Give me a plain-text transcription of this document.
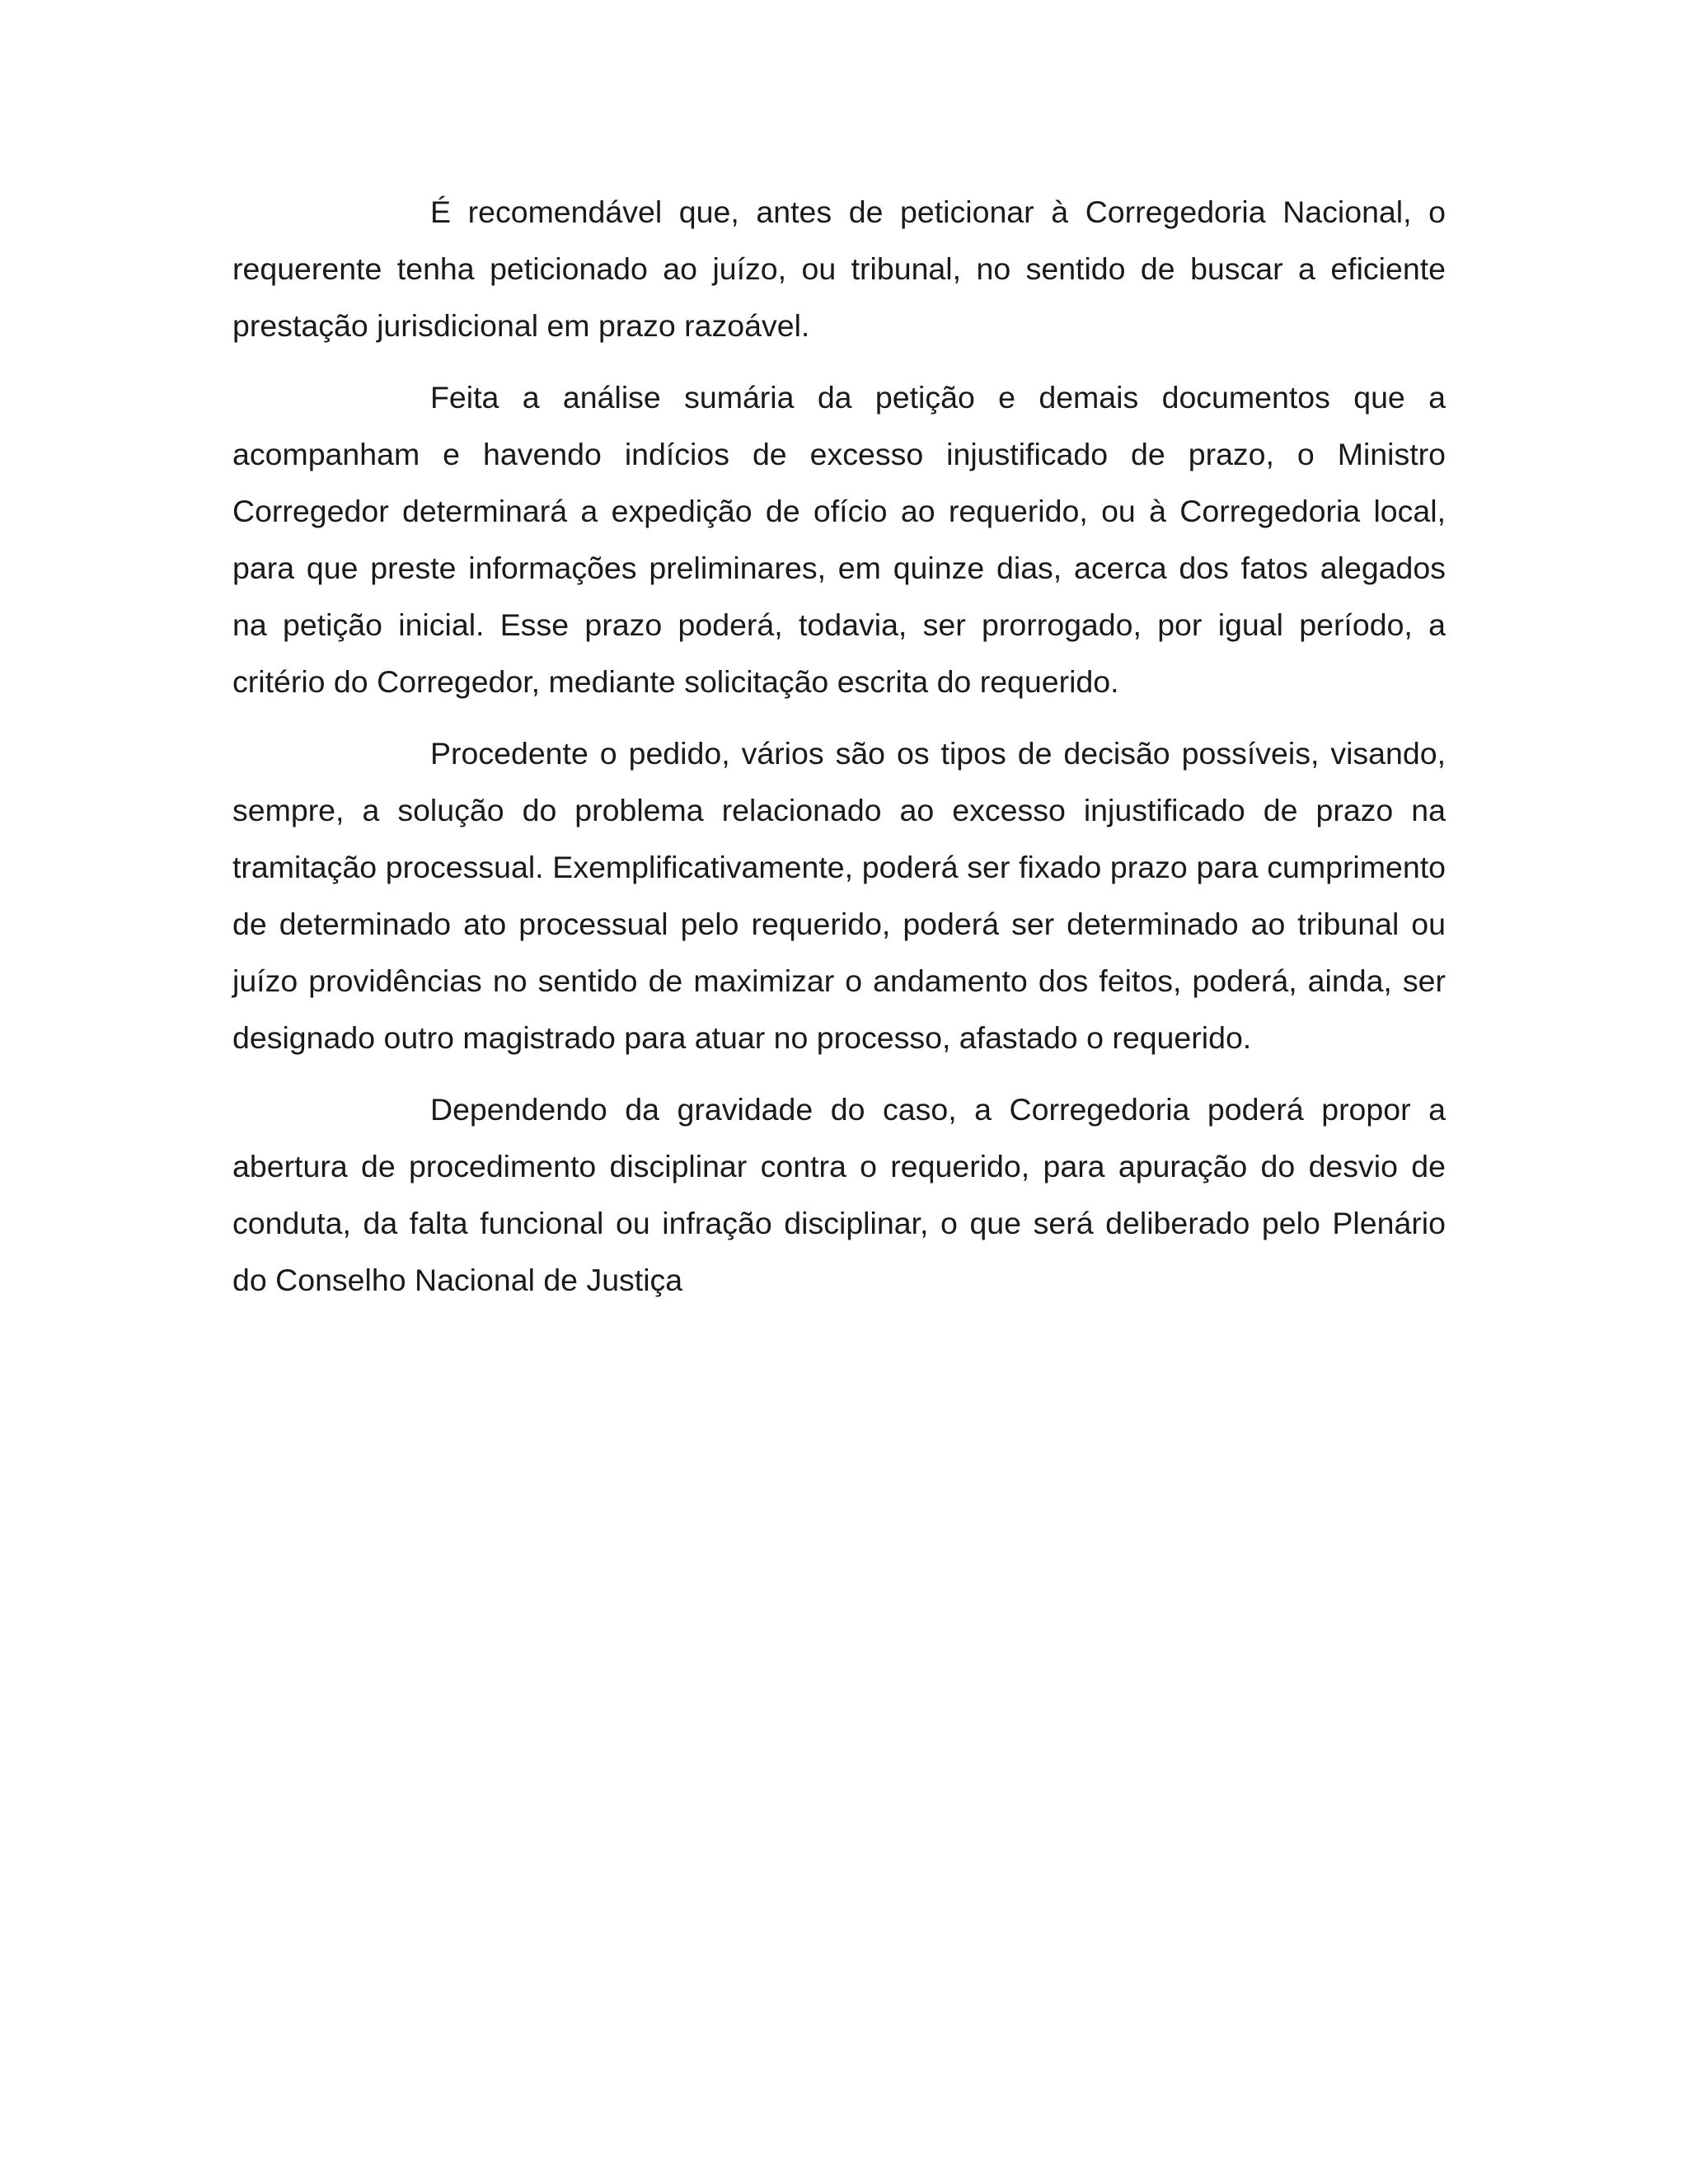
É recomendável que, antes de peticionar à Corregedoria Nacional, o requerente tenha peticionado ao juízo, ou tribunal, no sentido de buscar a eficiente prestação jurisdicional em prazo razoável.

Feita a análise sumária da petição e demais documentos que a acompanham e havendo indícios de excesso injustificado de prazo, o Ministro Corregedor determinará a expedição de ofício ao requerido, ou à Corregedoria local, para que preste informações preliminares, em quinze dias, acerca dos fatos alegados na petição inicial. Esse prazo poderá, todavia, ser prorrogado, por igual período, a critério do Corregedor, mediante solicitação escrita do requerido.

Procedente o pedido, vários são os tipos de decisão possíveis, visando, sempre, a solução do problema relacionado ao excesso injustificado de prazo na tramitação processual. Exemplificativamente, poderá ser fixado prazo para cumprimento de determinado ato processual pelo requerido, poderá ser determinado ao tribunal ou juízo providências no sentido de maximizar o andamento dos feitos, poderá, ainda, ser designado outro magistrado para atuar no processo, afastado o requerido.

Dependendo da gravidade do caso, a Corregedoria poderá propor a abertura de procedimento disciplinar contra o requerido, para apuração do desvio de conduta, da falta funcional ou infração disciplinar, o que será deliberado pelo Plenário do Conselho Nacional de Justiça
